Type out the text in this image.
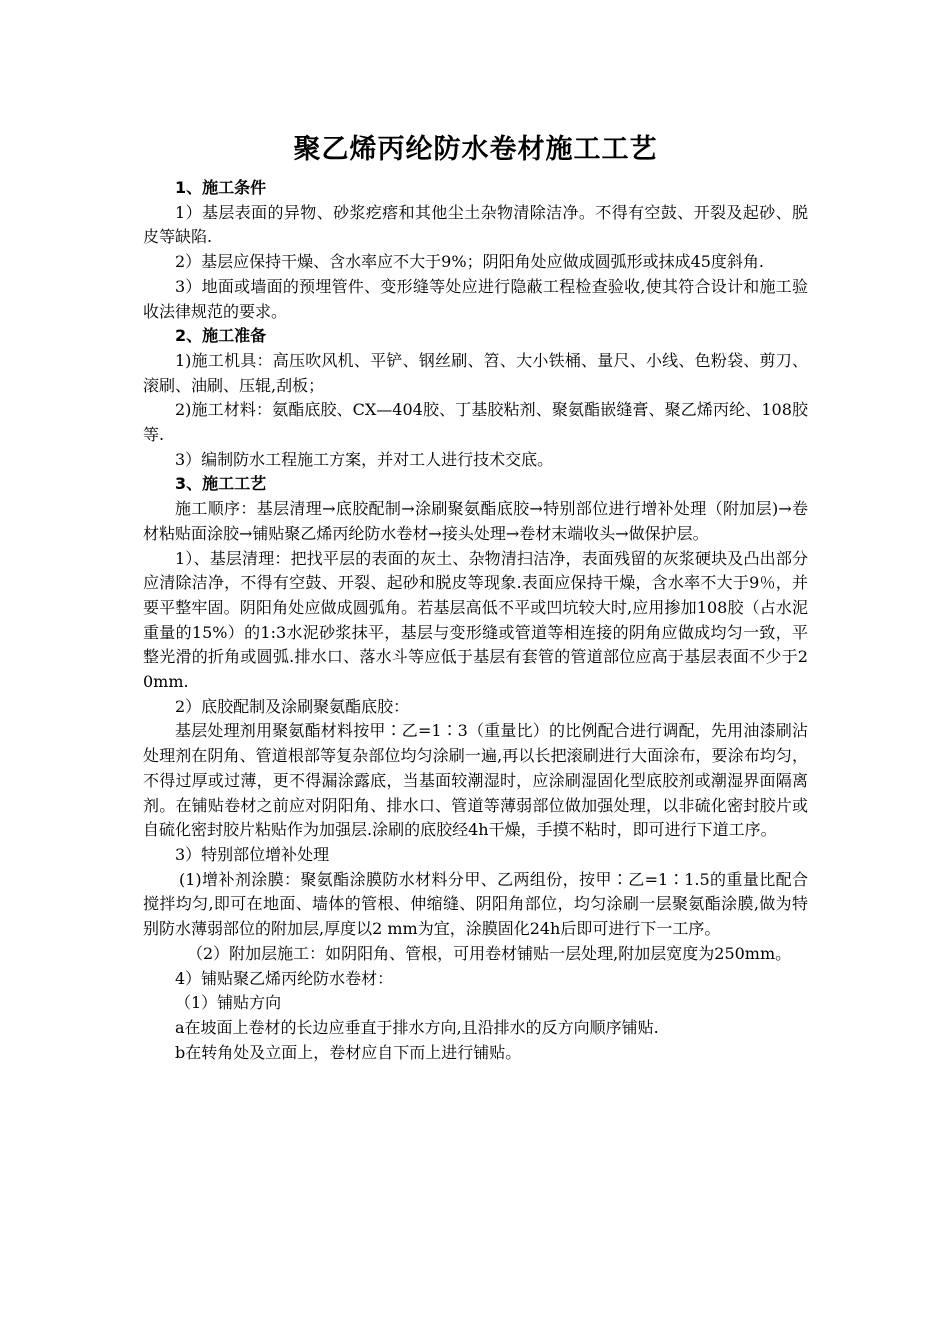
聚乙烯丙纶防水卷材施工工艺

1、施工条件

1）基层表面的异物、砂浆疙瘩和其他尘土杂物清除洁净。不得有空鼓、开裂及起砂、脱皮等缺陷.

2）基层应保持干燥、含水率应不大于9%；阴阳角处应做成圆弧形或抹成45度斜角.

3）地面或墙面的预埋管件、变形缝等处应进行隐蔽工程检查验收,使其符合设计和施工验收法律规范的要求。

2、施工准备

1)施工机具：高压吹风机、平铲、钢丝刷、笤、大小铁桶、量尺、小线、色粉袋、剪刀、滚刷、油刷、压辊,刮板；

2)施工材料：氨酯底胶、CX—404胶、丁基胶粘剂、聚氨酯嵌缝膏、聚乙烯丙纶、108胶等.

3）编制防水工程施工方案，并对工人进行技术交底。

3、施工工艺

施工顺序：基层清理→底胶配制→涂刷聚氨酯底胶→特别部位进行增补处理（附加层)→卷材粘贴面涂胶→铺贴聚乙烯丙纶防水卷材→接头处理→卷材末端收头→做保护层。

1）、基层清理：把找平层的表面的灰土、杂物清扫洁净，表面残留的灰浆硬块及凸出部分应清除洁净，不得有空鼓、开裂、起砂和脱皮等现象.表面应保持干燥，含水率不大于9％，并要平整牢固。阴阳角处应做成圆弧角。若基层高低不平或凹坑较大时,应用掺加108胶（占水泥重量的15%）的1:3水泥砂浆抹平，基层与变形缝或管道等相连接的阴角应做成均匀一致，平整光滑的折角或圆弧.排水口、落水斗等应低于基层有套管的管道部位应高于基层表面不少于20mm.

2）底胶配制及涂刷聚氨酯底胶：

基层处理剂用聚氨酯材料按甲∶乙=1∶3（重量比）的比例配合进行调配，先用油漆刷沾处理剂在阴角、管道根部等复杂部位均匀涂刷一遍,再以长把滚刷进行大面涂布，要涂布均匀，不得过厚或过薄，更不得漏涂露底，当基面较潮湿时，应涂刷湿固化型底胶剂或潮湿界面隔离剂。在铺贴卷材之前应对阴阳角、排水口、管道等薄弱部位做加强处理，以非硫化密封胶片或自硫化密封胶片粘贴作为加强层.涂刷的底胶经4h干燥，手摸不粘时，即可进行下道工序。

3）特别部位增补处理

(1)增补剂涂膜：聚氨酯涂膜防水材料分甲、乙两组份，按甲∶乙=1∶1.5的重量比配合搅拌均匀,即可在地面、墙体的管根、伸缩缝、阴阳角部位，均匀涂刷一层聚氨酯涂膜,做为特别防水薄弱部位的附加层,厚度以2 mm为宜，涂膜固化24h后即可进行下一工序。

（2）附加层施工：如阴阳角、管根，可用卷材铺贴一层处理,附加层宽度为250mm。

4）铺贴聚乙烯丙纶防水卷材：

（1）铺贴方向

a在坡面上卷材的长边应垂直于排水方向,且沿排水的反方向顺序铺贴.

b在转角处及立面上，卷材应自下而上进行铺贴。
